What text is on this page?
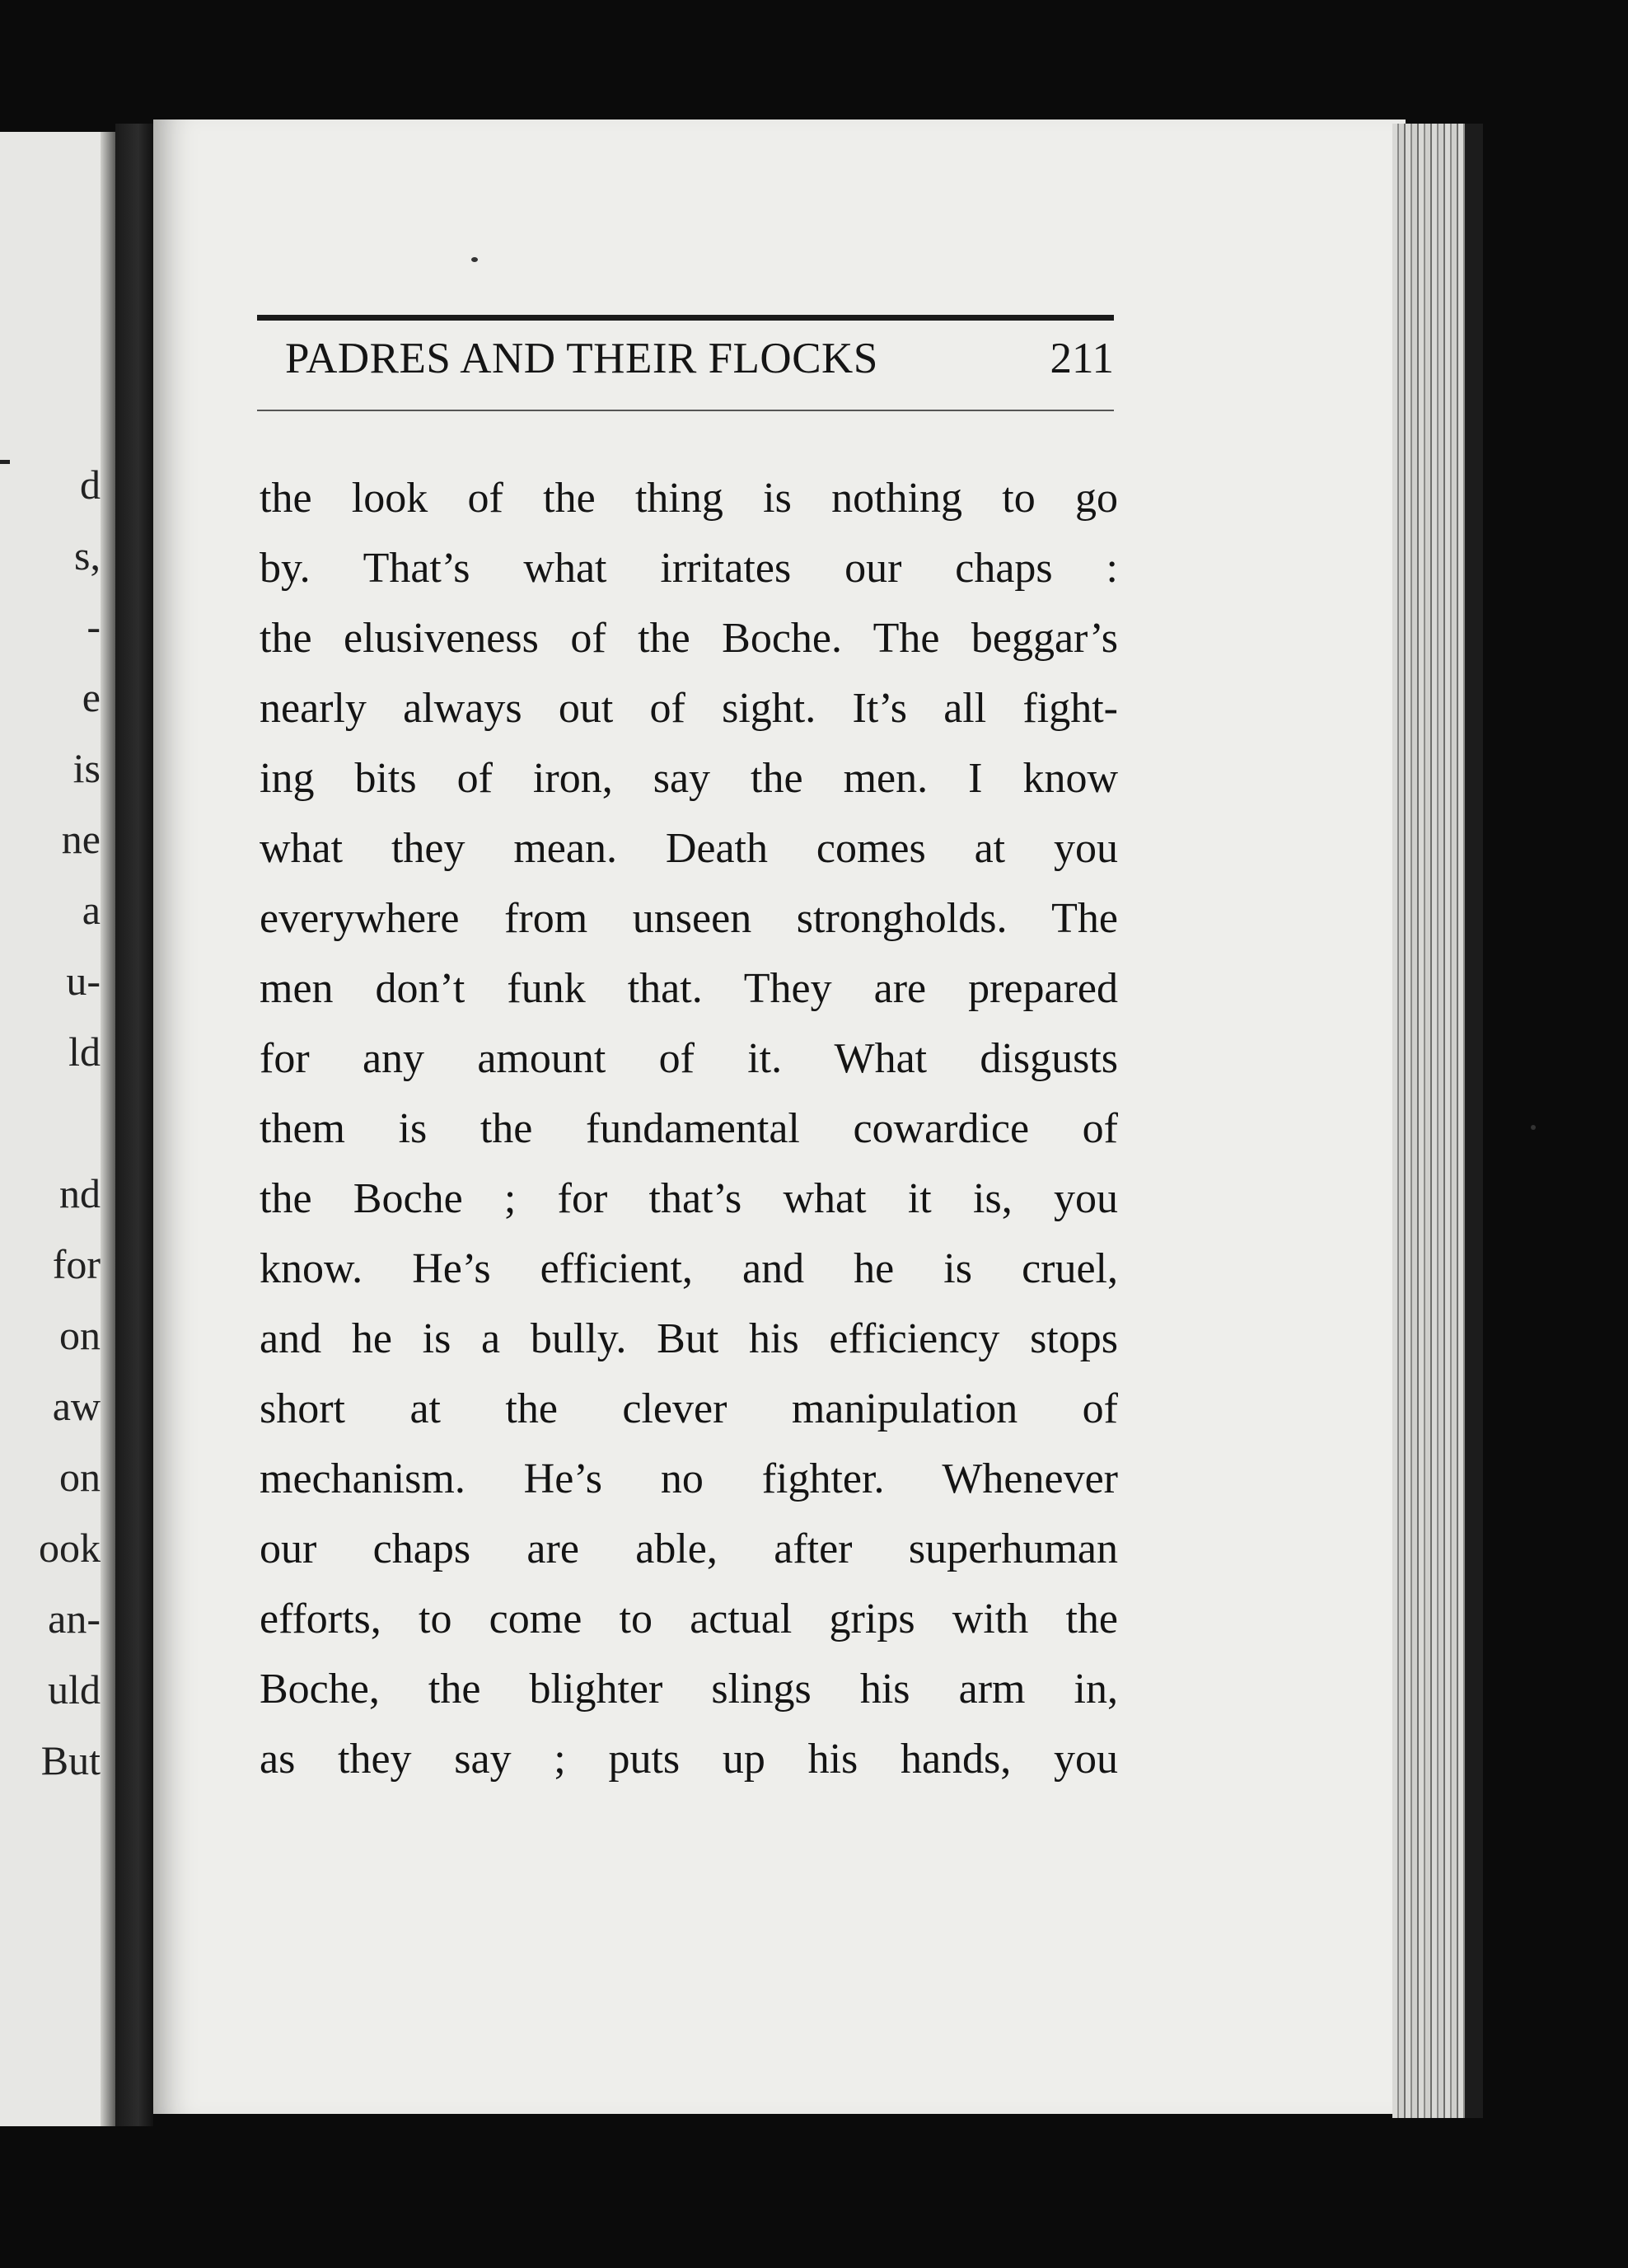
d
s,
-
e
is
ne
a
u-
ld
nd
for
on
aw
on
ook
an-
uld
But
PADRES AND THEIR FLOCKS	211
the look of the thing is nothing to go
by. That’s what irritates our chaps :
the elusiveness of the Boche. The beggar’s
nearly always out of sight. It’s all fight-
ing bits of iron, say the men. I know
what they mean. Death comes at you
everywhere from unseen strongholds. The
men don’t funk that. They are prepared
for any amount of it. What disgusts
them is the fundamental cowardice of
the Boche ; for that’s what it is, you
know. He’s efficient, and he is cruel,
and he is a bully. But his efficiency stops
short at the clever manipulation of
mechanism. He’s no fighter. Whenever
our chaps are able, after superhuman
efforts, to come to actual grips with the
Boche, the blighter slings his arm in,
as they say ; puts up his hands, you
